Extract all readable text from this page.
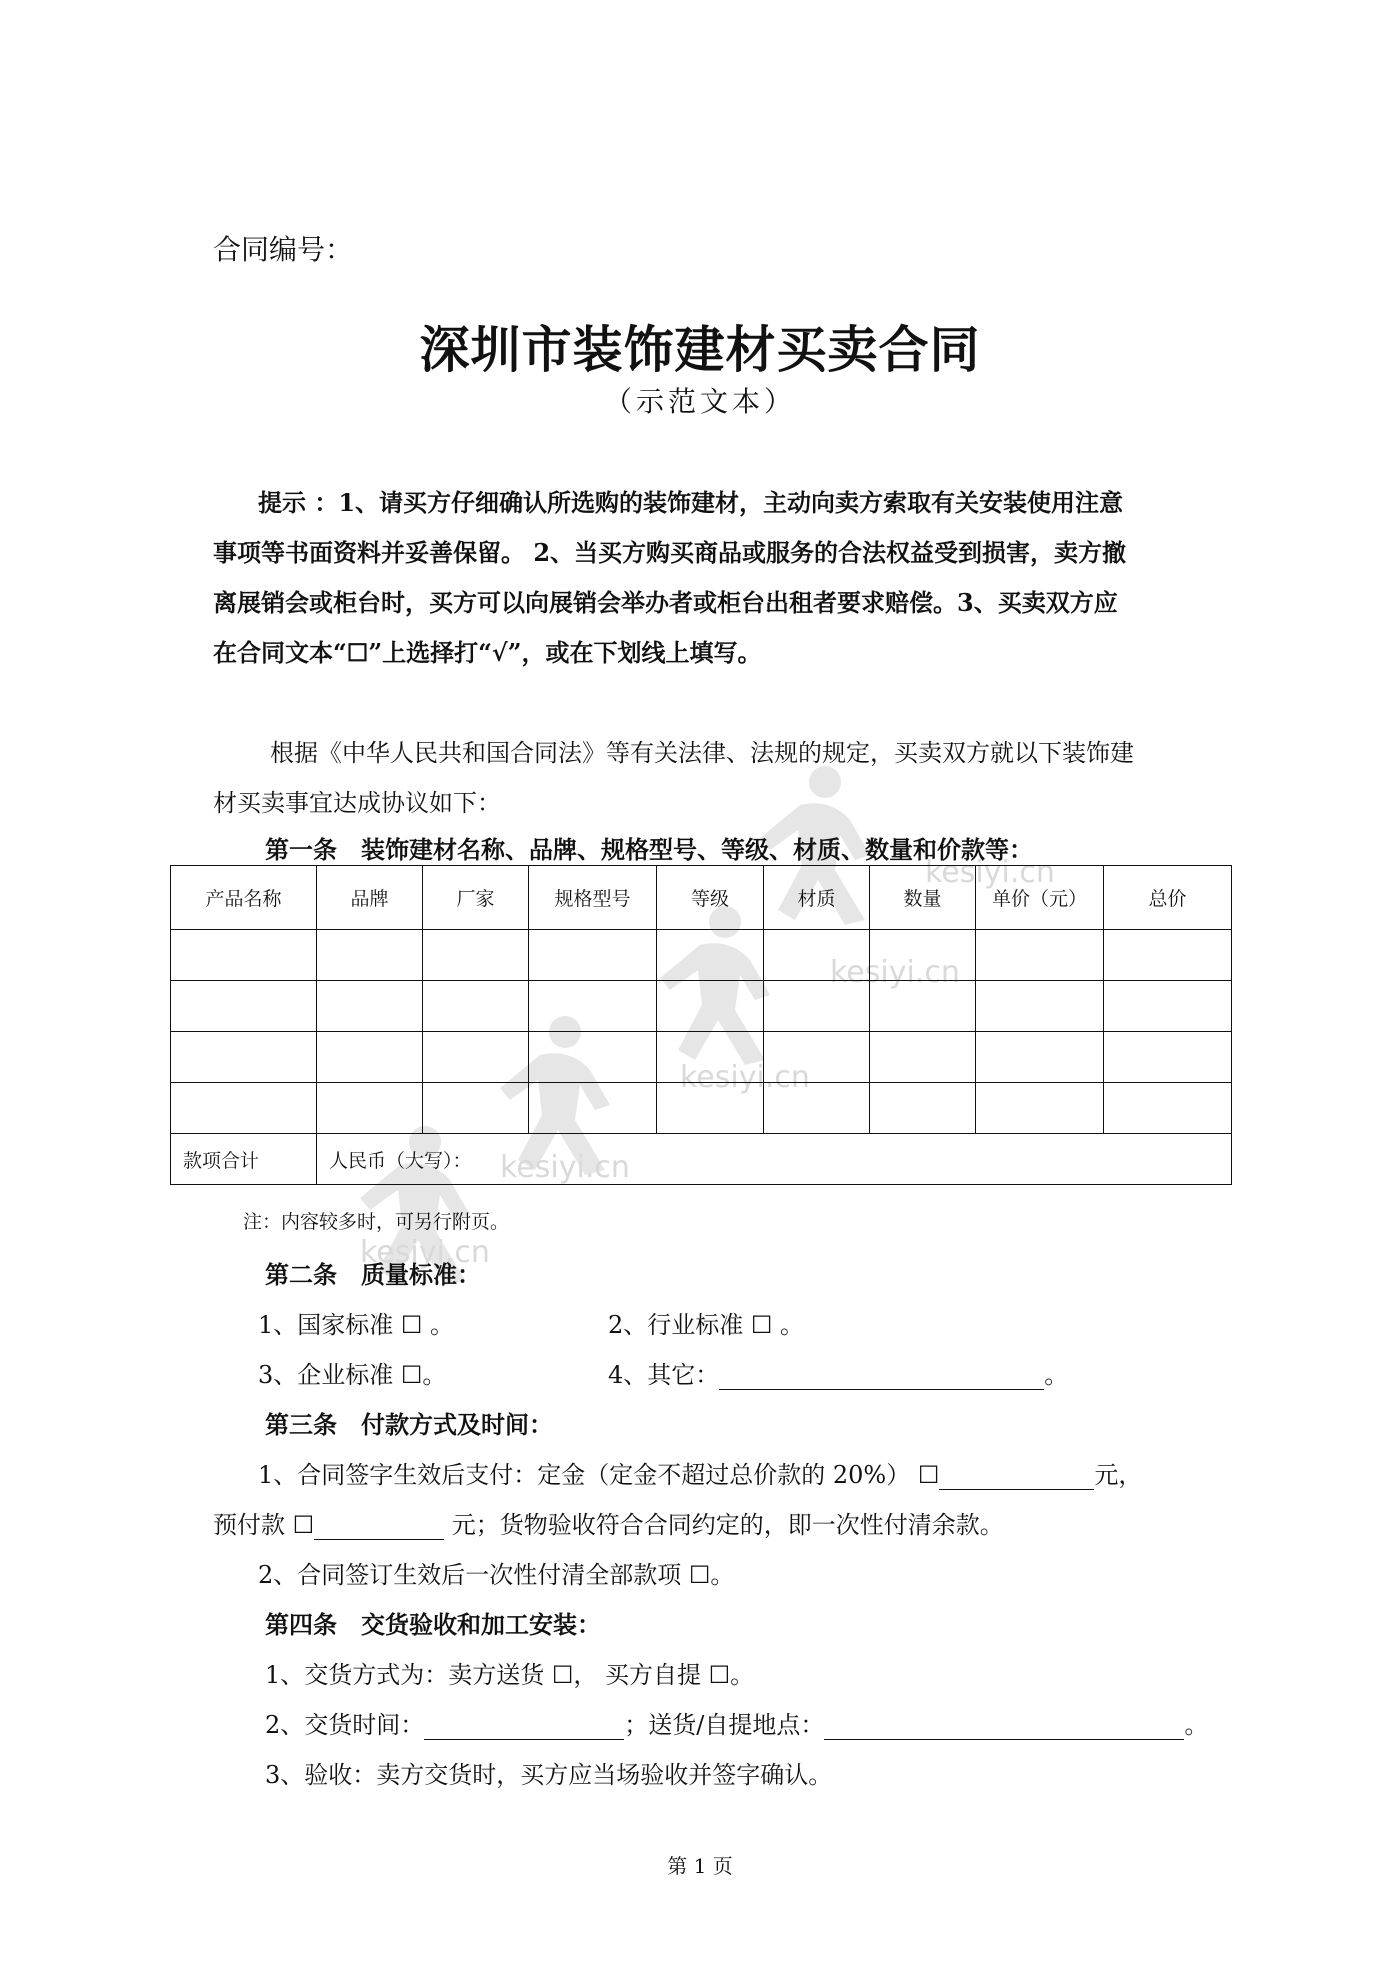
kesiyi.cn
kesiyi.cn
kesiyi.cn
kesiyi.cn
kesiyi.cn
合同编号：
深圳市装饰建材买卖合同
（示范文本）
提示 ：1、请买方仔细确认所选购的装饰建材，主动向卖方索取有关安装使用注意
事项等书面资料并妥善保留。 2、当买方购买商品或服务的合法权益受到损害，卖方撤
离展销会或柜台时，买方可以向展销会举办者或柜台出租者要求赔偿。3、买卖双方应
在合同文本“☐”上选择打“√”，或在下划线上填写。
根据《中华人民共和国合同法》等有关法律、法规的规定，买卖双方就以下装饰建
材买卖事宜达成协议如下：
第一条　装饰建材名称、品牌、规格型号、等级、材质、数量和价款等：
产品名称	品牌	厂家	规格型号	等级	材质	数量	单价（元）	总价

款项合计	人民币（大写）：							
注：内容较多时，可另行附页。
第二条　质量标准：
1、国家标准 ☐ 。	2、行业标准 ☐ 。
3、企业标准 ☐。	4、其它：	。
第三条　付款方式及时间：
1、合同签字生效后支付：定金（定金不超过总价款的 20%） ☐	元，
预付款 ☐	元；货物验收符合合同约定的，即一次性付清余款。
2、合同签订生效后一次性付清全部款项 ☐。
第四条　交货验收和加工安装：
1、交货方式为：卖方送货 ☐， 买方自提 ☐。
2、交货时间：	；送货/自提地点：	。
3、验收：卖方交货时，买方应当场验收并签字确认。
第 1 页
